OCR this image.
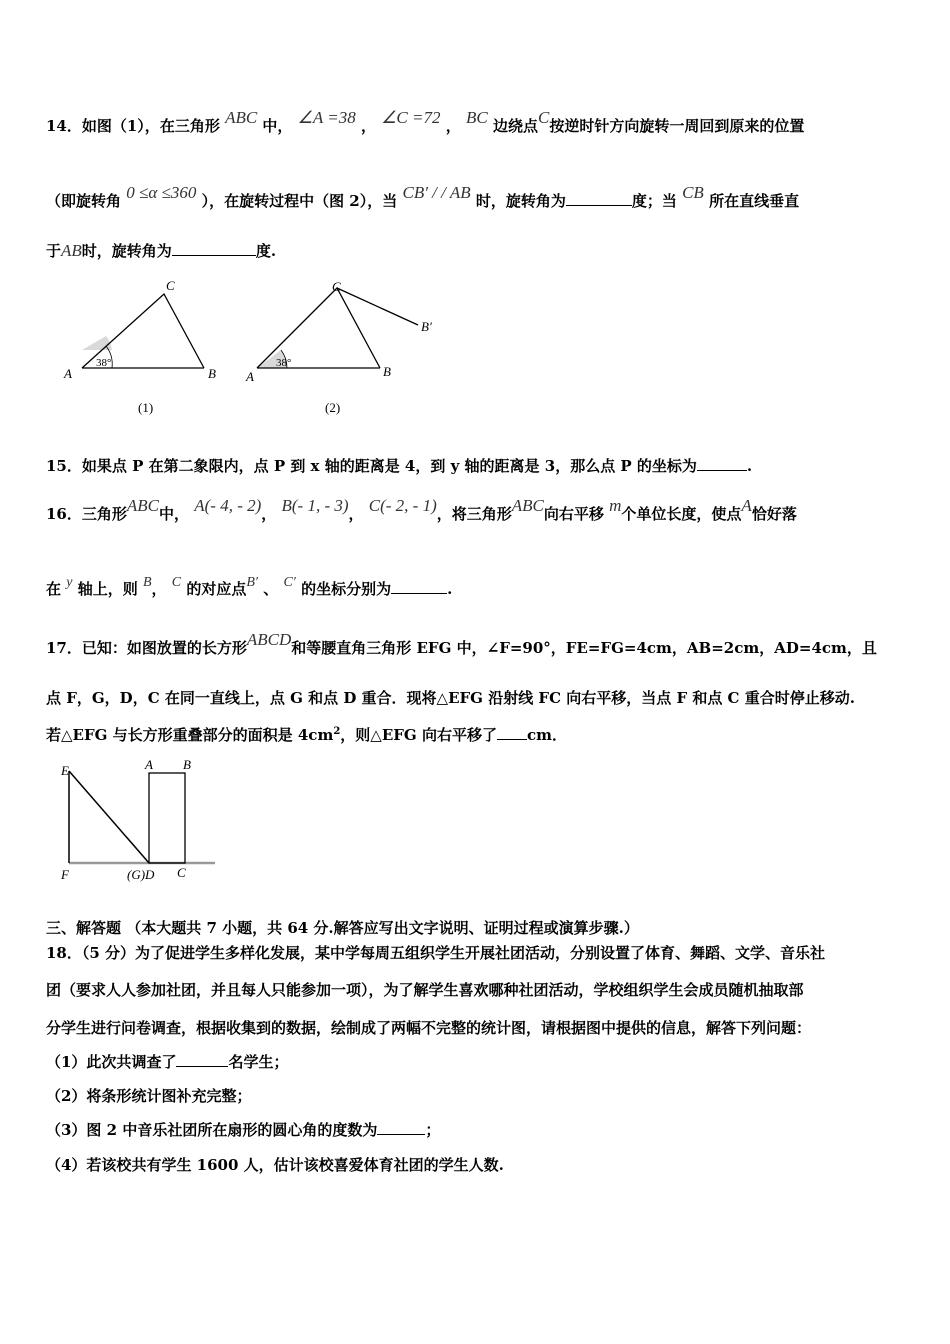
14．如图（1），在三角形 ABC 中， ∠A =38 ， ∠C =72 ， BC 边绕点C按逆时针方向旋转一周回到原来的位置
（即旋转角 0 ≤α ≤360 ），在旋转过程中（图 2），当 CB′ / / AB 时，旋转角为	度；当 CB 所在直线垂直
于AB时，旋转角为	度.
A	B
C
38°
(1)
A	B
C
B′
38°
(2)
15．如果点 P 在第二象限内，点 P 到 x 轴的距离是 4，到 y 轴的距离是 3，那么点 P 的坐标为	.
16．三角形ABC中， A(- 4, - 2)， B(- 1, - 3)， C(- 2, - 1)，将三角形ABC向右平移 m个单位长度，使点A恰好落
在 y 轴上，则 B， C 的对应点B′ 、 C′ 的坐标分别为	.
17．已知：如图放置的长方形ABCD和等腰直角三角形 EFG 中，∠F=90°，FE=FG=4cm，AB=2cm，AD=4cm，且
点 F，G，D，C 在同一直线上，点 G 和点 D 重合．现将△EFG 沿射线 FC 向右平移，当点 F 和点 C 重合时停止移动.
若△EFG 与长方形重叠部分的面积是 $4cm^2$，则△EFG 向右平移了 cm．
E	A B
F	(G)D C
三、解答题 （本大题共 7 小题，共 64 分.解答应写出文字说明、证明过程或演算步骤.）
18．（5 分）为了促进学生多样化发展，某中学每周五组织学生开展社团活动，分别设置了体育、舞蹈、文学、音乐社
团（要求人人参加社团，并且每人只能参加一项），为了解学生喜欢哪种社团活动，学校组织学生会成员随机抽取部
分学生进行问卷调查，根据收集到的数据，绘制成了两幅不完整的统计图，请根据图中提供的信息，解答下列问题：
（1）此次共调查了	名学生；
（2）将条形统计图补充完整；
（3）图 2 中音乐社团所在扇形的圆心角的度数为	；
（4）若该校共有学生 1600 人，估计该校喜爱体育社团的学生人数.
